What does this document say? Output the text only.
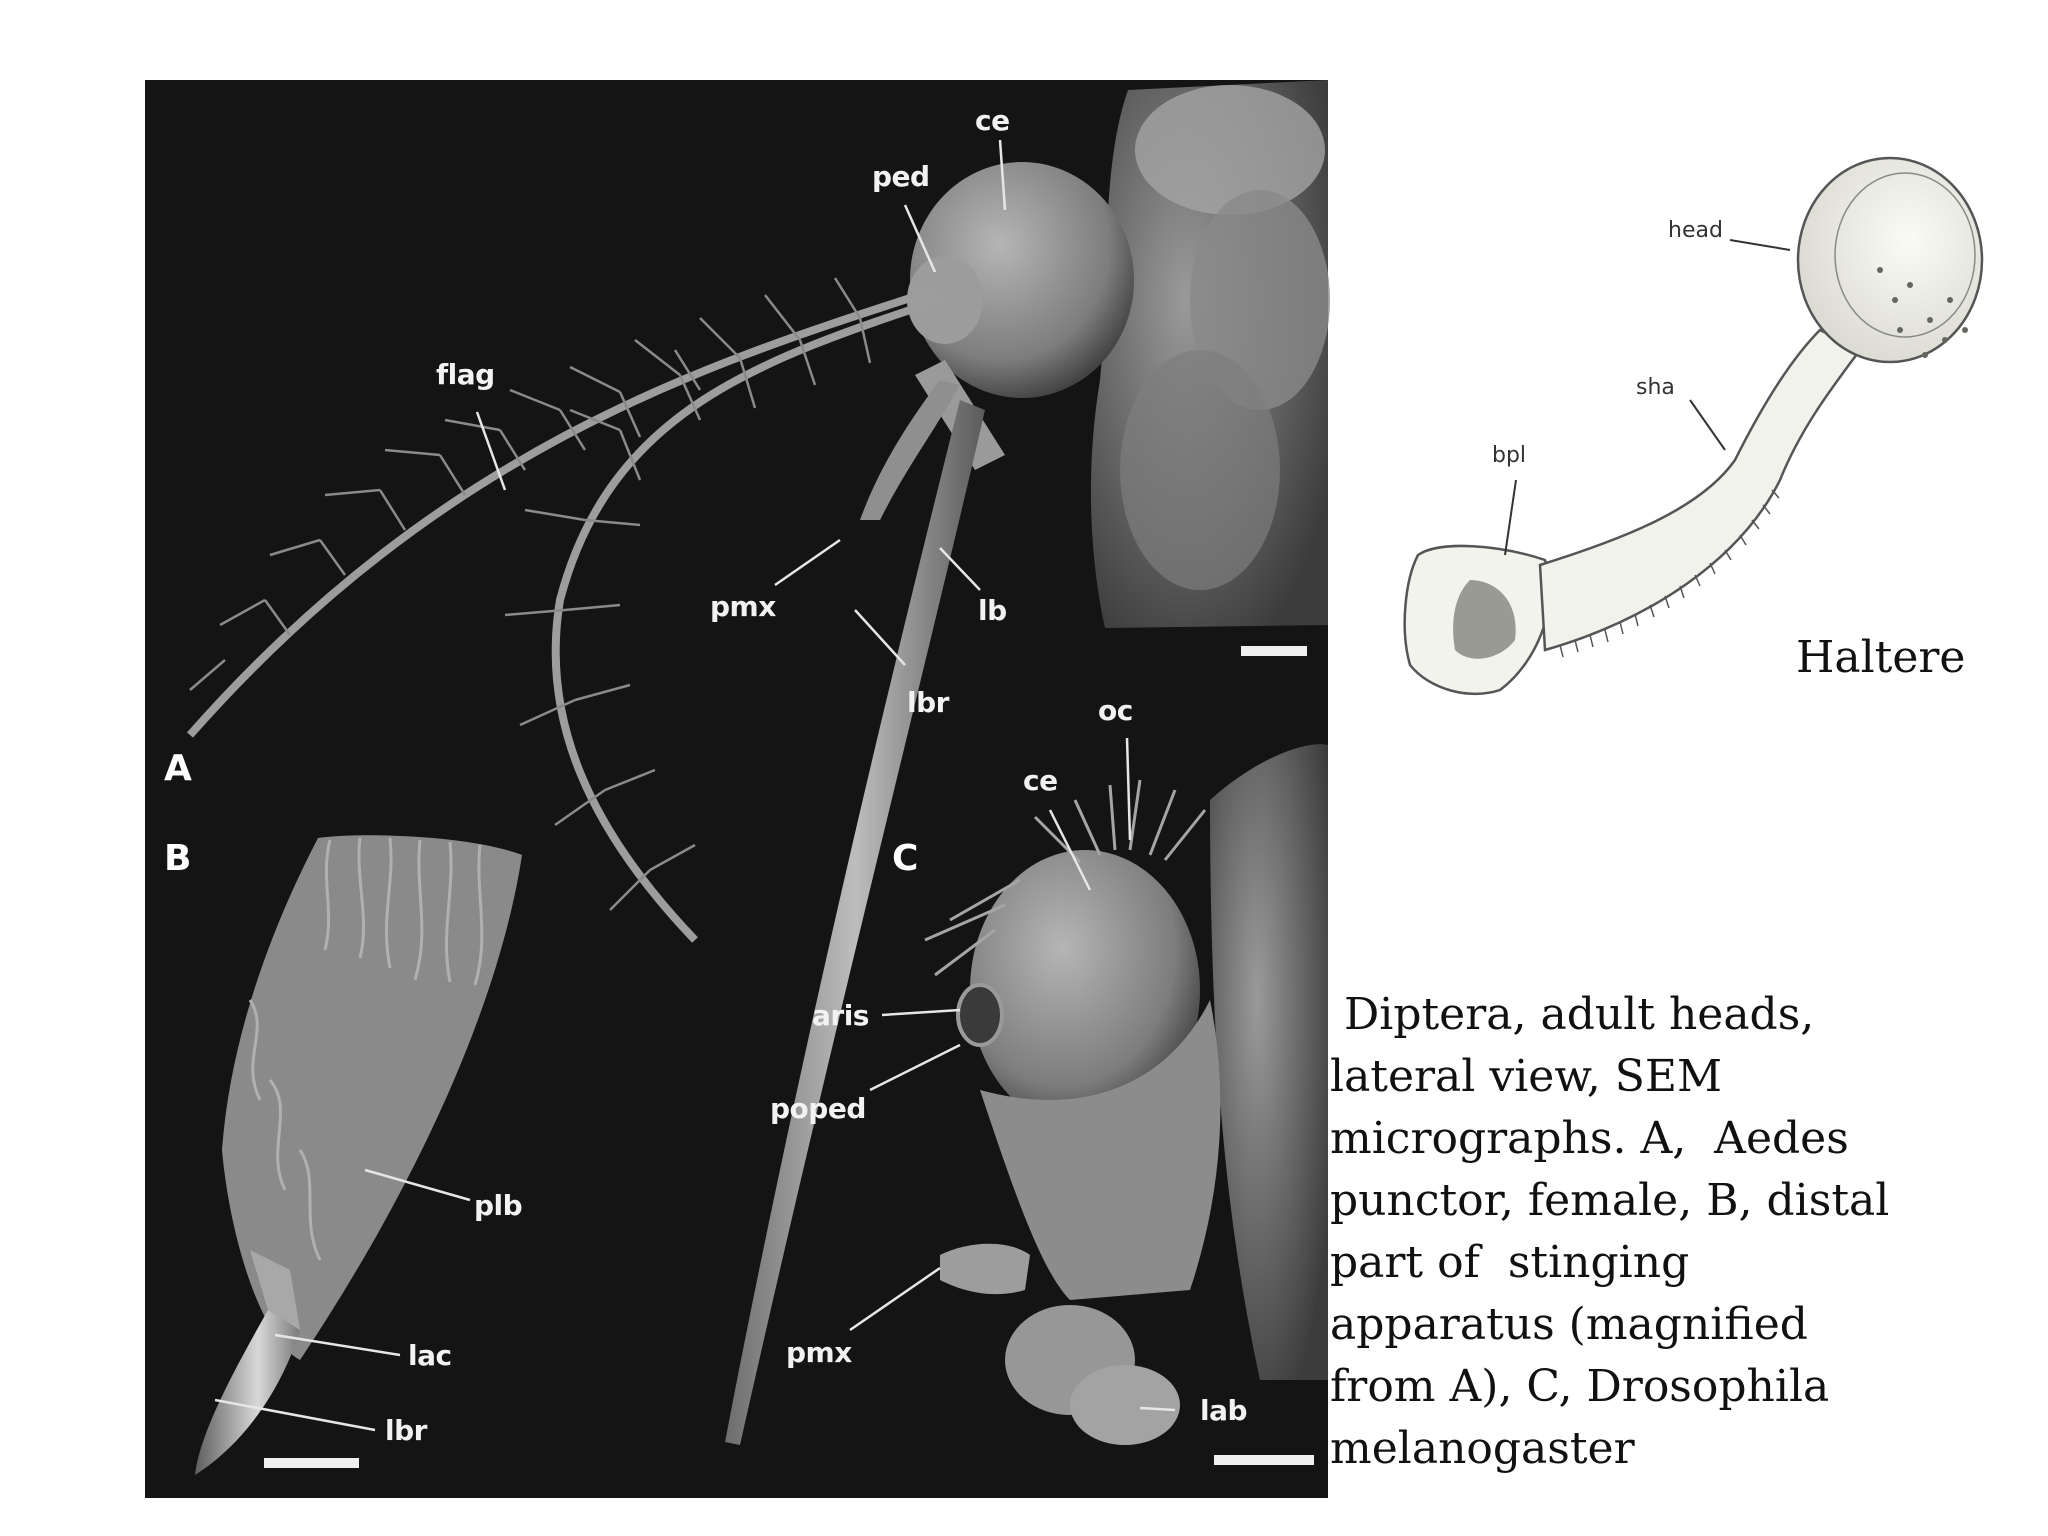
A
B	C
ce
ped
flag
pmx	lb
lbr	oc
ce
aris
poped
plb
lac
lbr
pmx
lab
head
sha
bpl

Haltere

Diptera, adult heads,
lateral view, SEM
micrographs. A,  Aedes
punctor, female, B, distal
part of  stinging
apparatus (magnified
from A), C, Drosophila
melanogaster
